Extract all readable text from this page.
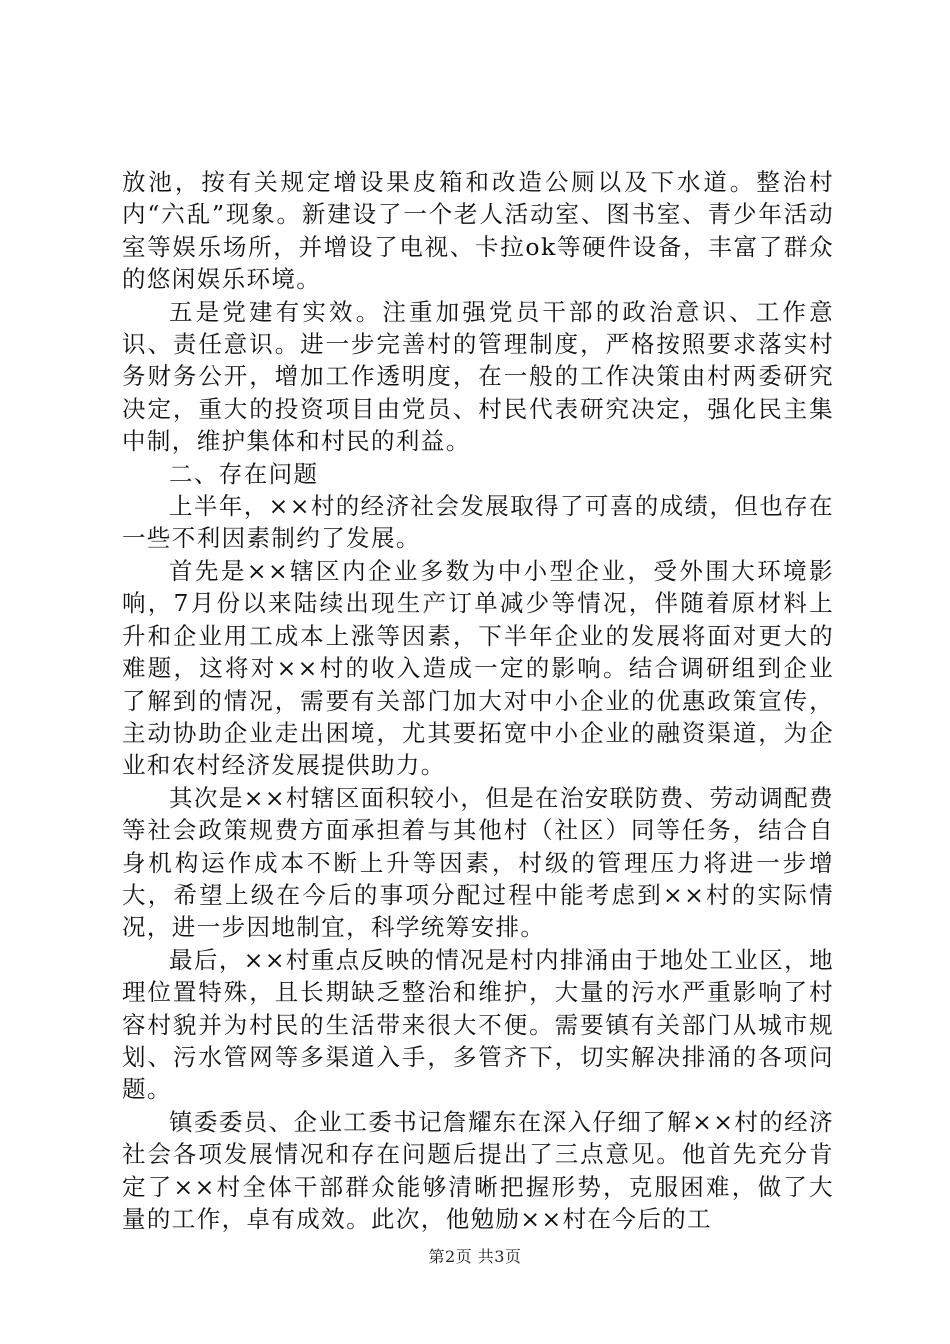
放池，按有关规定增设果皮箱和改造公厕以及下水道。整治村内“六乱”现象。新建设了一个老人活动室、图书室、青少年活动室等娱乐场所，并增设了电视、卡拉ok等硬件设备，丰富了群众的悠闲娱乐环境。

五是党建有实效。注重加强党员干部的政治意识、工作意识、责任意识。进一步完善村的管理制度，严格按照要求落实村务财务公开，增加工作透明度，在一般的工作决策由村两委研究决定，重大的投资项目由党员、村民代表研究决定，强化民主集中制，维护集体和村民的利益。

二、存在问题

上半年，××村的经济社会发展取得了可喜的成绩，但也存在一些不利因素制约了发展。

首先是××辖区内企业多数为中小型企业，受外围大环境影响，7月份以来陆续出现生产订单减少等情况，伴随着原材料上升和企业用工成本上涨等因素，下半年企业的发展将面对更大的难题，这将对××村的收入造成一定的影响。结合调研组到企业了解到的情况，需要有关部门加大对中小企业的优惠政策宣传，主动协助企业走出困境，尤其要拓宽中小企业的融资渠道，为企业和农村经济发展提供助力。

其次是××村辖区面积较小，但是在治安联防费、劳动调配费等社会政策规费方面承担着与其他村（社区）同等任务，结合自身机构运作成本不断上升等因素，村级的管理压力将进一步增大，希望上级在今后的事项分配过程中能考虑到××村的实际情况，进一步因地制宜，科学统筹安排。

最后，××村重点反映的情况是村内排涌由于地处工业区，地理位置特殊，且长期缺乏整治和维护，大量的污水严重影响了村容村貌并为村民的生活带来很大不便。需要镇有关部门从城市规划、污水管网等多渠道入手，多管齐下，切实解决排涌的各项问题。

镇委委员、企业工委书记詹耀东在深入仔细了解××村的经济社会各项发展情况和存在问题后提出了三点意见。他首先充分肯定了××村全体干部群众能够清晰把握形势，克服困难，做了大量的工作，卓有成效。此次，他勉励××村在今后的工

第2页 共3页
